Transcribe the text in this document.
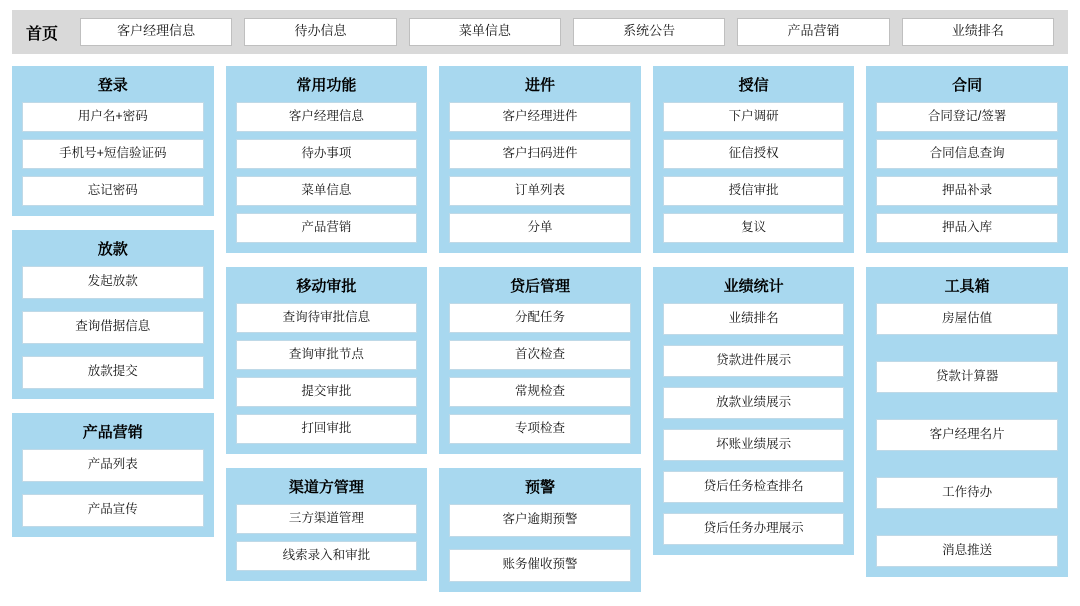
首页	客户经理信息	待办信息	菜单信息	系统公告	产品营销	业绩排名
登录
用户名+密码
手机号+短信验证码
忘记密码
放款
发起放款
查询借据信息
放款提交
产品营销
产品列表
产品宣传
常用功能
客户经理信息
待办事项
菜单信息
产品营销
移动审批
查询待审批信息
查询审批节点
提交审批
打回审批
渠道方管理
三方渠道管理
线索录入和审批
进件
客户经理进件
客户扫码进件
订单列表
分单
贷后管理
分配任务
首次检查
常规检查
专项检查
预警
客户逾期预警
账务催收预警
授信
下户调研
征信授权
授信审批
复议
业绩统计
业绩排名
贷款进件展示
放款业绩展示
坏账业绩展示
贷后任务检查排名
贷后任务办理展示
合同
合同登记/签署
合同信息查询
押品补录
押品入库
工具箱
房屋估值
贷款计算器
客户经理名片
工作待办
消息推送
